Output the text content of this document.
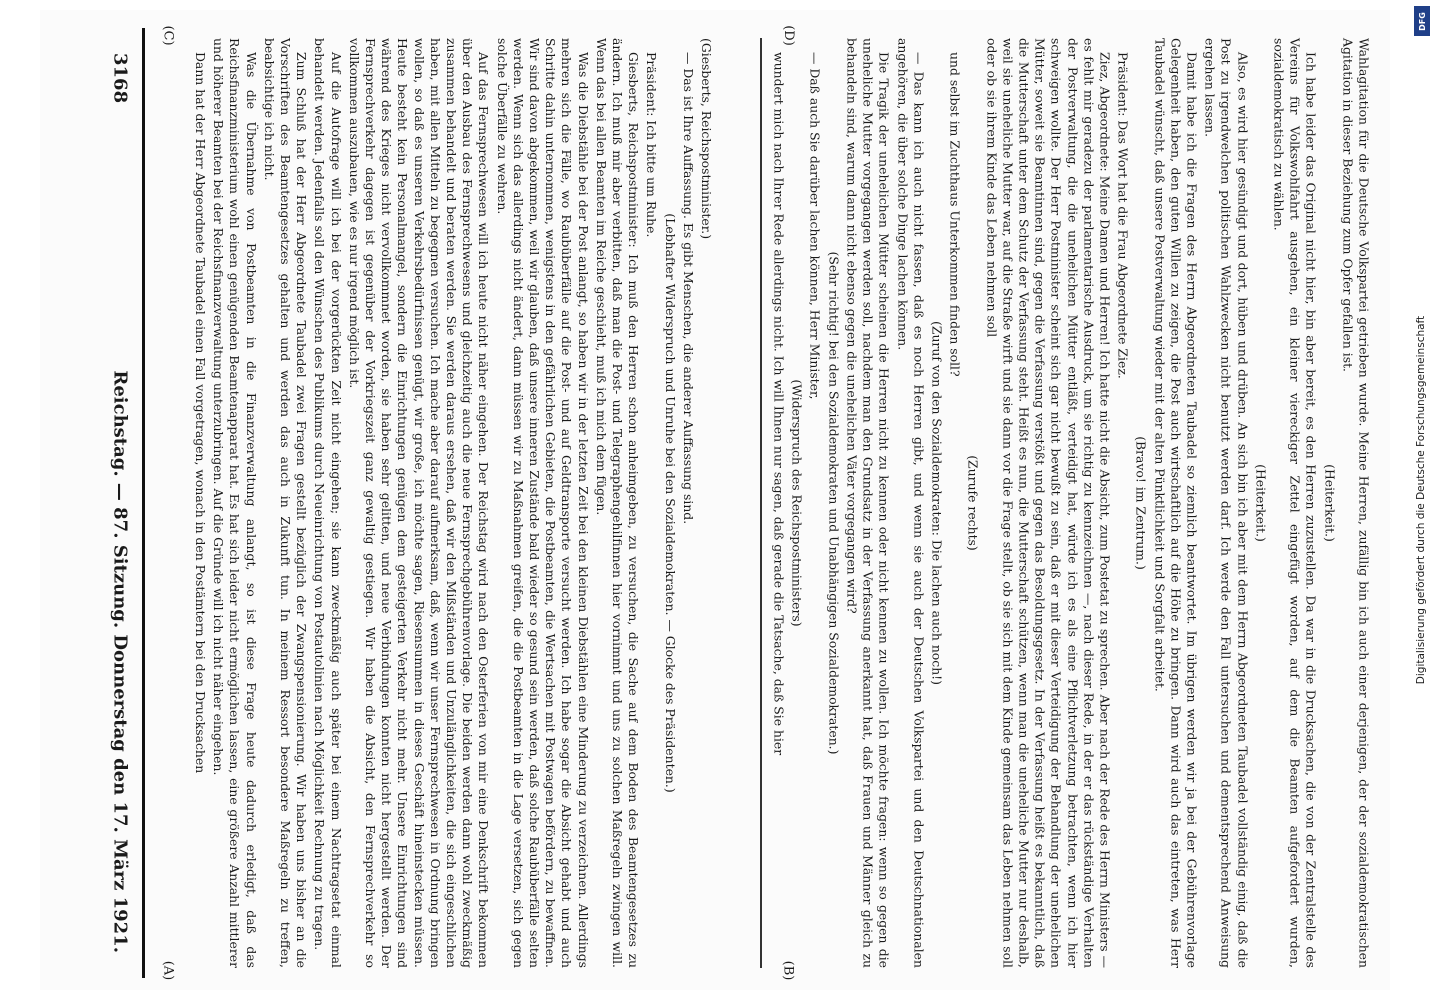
3168
Reichstag. — 87. Sitzung. Donnerstag den 17. März 1921.

(Giesberts, Reichspostminister.)

— Das ist Ihre Auffassung. Es gibt Menschen, die anderer Auffassung sind.

(Lebhafter Widerspruch und Unruhe bei den Sozialdemokraten. — Glocke des Präsidenten.)

Präsident: Ich bitte um Ruhe.

Giesberts, Reichspostminister: Ich muß den Herren schon anheimgeben, zu versuchen, die Sache auf dem Boden des Beamtengesetzes zu ändern. Ich muß mir aber verbitten, daß man die Post- und Telegraphengehilfinnen hier vornimmt und uns zu solchen Maßregeln zwingen will. Wenn das bei allen Beamten im Reiche geschieht, muß ich mich dem fügen.

Was die Diebstähle bei der Post anlangt, so haben wir in der letzten Zeit bei den kleinen Diebstählen eine Minderung zu verzeichnen. Allerdings mehren sich die Fälle, wo Raubüberfälle auf die Post- und auf Geldtransporte versucht werden. Ich habe sogar die Absicht gehabt und auch Schritte dahin unternommen, wenigstens in den gefährlichen Gebieten, die Postbeamten, die Wertsachen mit Postwagen befördern, zu bewaffnen. Wir sind davon abgekommen, weil wir glauben, daß unsere inneren Zustände bald wieder so gesund sein werden, daß solche Raubüberfälle selten werden. Wenn sich das allerdings nicht ändert, dann müssen wir zu Maßnahmen greifen, die die Postbeamten in die Lage versetzen, sich gegen solche Überfälle zu wehren.

Auf das Fernsprechwesen will ich heute nicht näher eingehen. Der Reichstag wird nach den Osterferien von mir eine Denkschrift bekommen über den Ausbau des Fernsprechwesens und gleichzeitig auch die neue Fernsprechgebührenvorlage. Die beiden werden dann wohl zweckmäßig zusammen behandelt und beraten werden. Sie werden daraus ersehen, daß wir den Mißständen und Unzulänglichkeiten, die sich eingeschlichen haben, mit allen Mitteln zu begegnen versuchen. Ich mache aber darauf aufmerksam, daß, wenn wir unser Fernsprechwesen in Ordnung bringen wollen, so daß es unseren Verkehrsbedürfnissen genügt, wir große, ich möchte sagen, Riesensummen in dieses Geschäft hineinstecken müssen. Heute besteht kein Personalmangel, sondern die Einrichtungen genügen dem gesteigerten Verkehr nicht mehr. Unsere Einrichtungen sind während des Krieges nicht vervollkommnet worden, sie haben sehr gelitten, und neue Verbindungen konnten nicht hergestellt werden. Der Fernsprechverkehr dagegen ist gegenüber der Vorkriegszeit ganz gewaltig gestiegen. Wir haben die Absicht, den Fernsprechverkehr so vollkommen auszubauen, wie es nur irgend möglich ist.

Auf die Autofrage will ich bei der vorgerückten Zeit nicht eingehen; sie kann zweckmäßig auch später bei einem Nachtragsetat einmal behandelt werden. Jedenfalls soll den Wünschen des Publikums durch Neueinrichtung von Postautolinien nach Möglichkeit Rechnung zu tragen.

Zum Schluß hat der Herr Abgeordnete Taubadel zwei Fragen gestellt bezüglich der Zwangspensionierung. Wir haben uns bisher an die Vorschriften des Beamtengesetzes gehalten und werden das auch in Zukunft tun. In meinem Ressort besondere Maßregeln zu treffen, beabsichtige ich nicht.

Was die Übernahme von Postbeamten in die Finanzverwaltung anlangt, so ist diese Frage heute dadurch erledigt, daß das Reichsfinanzministerium wohl einen genügenden Beamtenapparat hat. Es hat sich leider nicht ermöglichen lassen, eine größere Anzahl mittlerer und höherer Beamten bei der Reichsfinanzverwaltung unterzubringen. Auf die Gründe will ich nicht näher eingehen.

Dann hat der Herr Abgeordnete Taubadel einen Fall vorgetragen, wonach in den Postämtern bei den Drucksachen	Wahlagitation für die Deutsche Volkspartei getrieben wurde. Meine Herren, zufällig bin ich auch einer derjenigen, der der sozialdemokratischen Agitation in dieser Beziehung zum Opfer gefallen ist.

(Heiterkeit.)

Ich habe leider das Original nicht hier, bin aber bereit, es den Herren zuzustellen. Da war in die Drucksachen, die von der Zentralstelle des Vereins für Volkswohlfahrt ausgehen, ein kleiner viereckiger Zettel eingefügt worden, auf dem die Beamten aufgefordert wurden, sozialdemokratisch zu wählen.

(Heiterkeit.)

Also, es wird hier gesündigt und dort, hüben und drüben. An sich bin ich aber mit dem Herrn Abgeordneten Taubadel vollständig einig, daß die Post zu irgendwelchen politischen Wahlzwecken nicht benutzt werden darf. Ich werde den Fall untersuchen und dementsprechend Anweisung ergehen lassen.

Damit habe ich die Fragen des Herrn Abgeordneten Taubadel so ziemlich beantwortet. Im übrigen werden wir ja bei der Gebührenvorlage Gelegenheit haben, den guten Willen zu zeigen, die Post auch wirtschaftlich auf die Höhe zu bringen. Dann wird auch das eintreten, was Herr Taubadel wünscht, daß unsere Postverwaltung wieder mit der alten Pünktlichkeit und Sorgfalt arbeitet.

(Bravo! im Zentrum.)

Präsident: Das Wort hat die Frau Abgeordnete Ziez.

Ziez, Abgeordnete: Meine Damen und Herren! Ich hatte nicht die Absicht, zum Postetat zu sprechen. Aber nach der Rede des Herrn Ministers — es fehlt mir geradezu der parlamentarische Ausdruck, um sie richtig zu kennzeichnen —, nach dieser Rede, in der er das rückständige Verhalten der Postverwaltung, die die unehelichen Mütter entläßt, verteidigt hat, würde ich es als eine Pflichtverletzung betrachten, wenn ich hier schweigen wollte. Der Herr Postminister scheint sich gar nicht bewußt zu sein, daß er mit dieser Verteidigung der Behandlung der unehelichen Mütter, soweit sie Beamtinnen sind, gegen die Verfassung verstößt und gegen das Besoldungsgesetz. In der Verfassung heißt es bekanntlich, daß die Mutterschaft unter dem Schutz der Verfassung steht. Heißt es nun, die Mutterschaft schützen, wenn man die uneheliche Mutter nur deshalb, weil sie uneheliche Mutter war, auf die Straße wirft und sie dann vor die Frage stellt, ob sie sich mit dem Kinde gemeinsam das Leben nehmen soll oder ob sie ihrem Kinde das Leben nehmen soll

(Zurufe rechts)

und selbst im Zuchthaus Unterkommen finden soll?

(Zuruf von den Sozialdemokraten: Die lachen auch noch!)

— Das kann ich auch nicht fassen, daß es noch Herren gibt, und wenn sie auch der Deutschen Volkspartei und den Deutschnationalen angehören, die über solche Dinge lachen können.

Die Tragik der unehelichen Mütter scheinen die Herren nicht zu kennen oder nicht kennen zu wollen. Ich möchte fragen: wenn so gegen die uneheliche Mutter vorgegangen werden soll, nachdem man den Grundsatz in der Verfassung anerkannt hat, daß Frauen und Männer gleich zu behandeln sind, warum dann nicht ebenso gegen die unehelichen Väter vorgegangen wird?

(Sehr richtig! bei den Sozialdemokraten und Unabhängigen Sozialdemokraten.)

— Daß auch Sie darüber lachen können, Herr Minister,

(Widerspruch des Reichspostministers)

wundert mich nach Ihrer Rede allerdings nicht. Ich will Ihnen nur sagen, daß gerade die Tatsache, daß Sie hier

(A)	(B)
(C)	(D)
DFG
Digitalisierung gefördert durch die Deutsche Forschungsgemeinschaft
